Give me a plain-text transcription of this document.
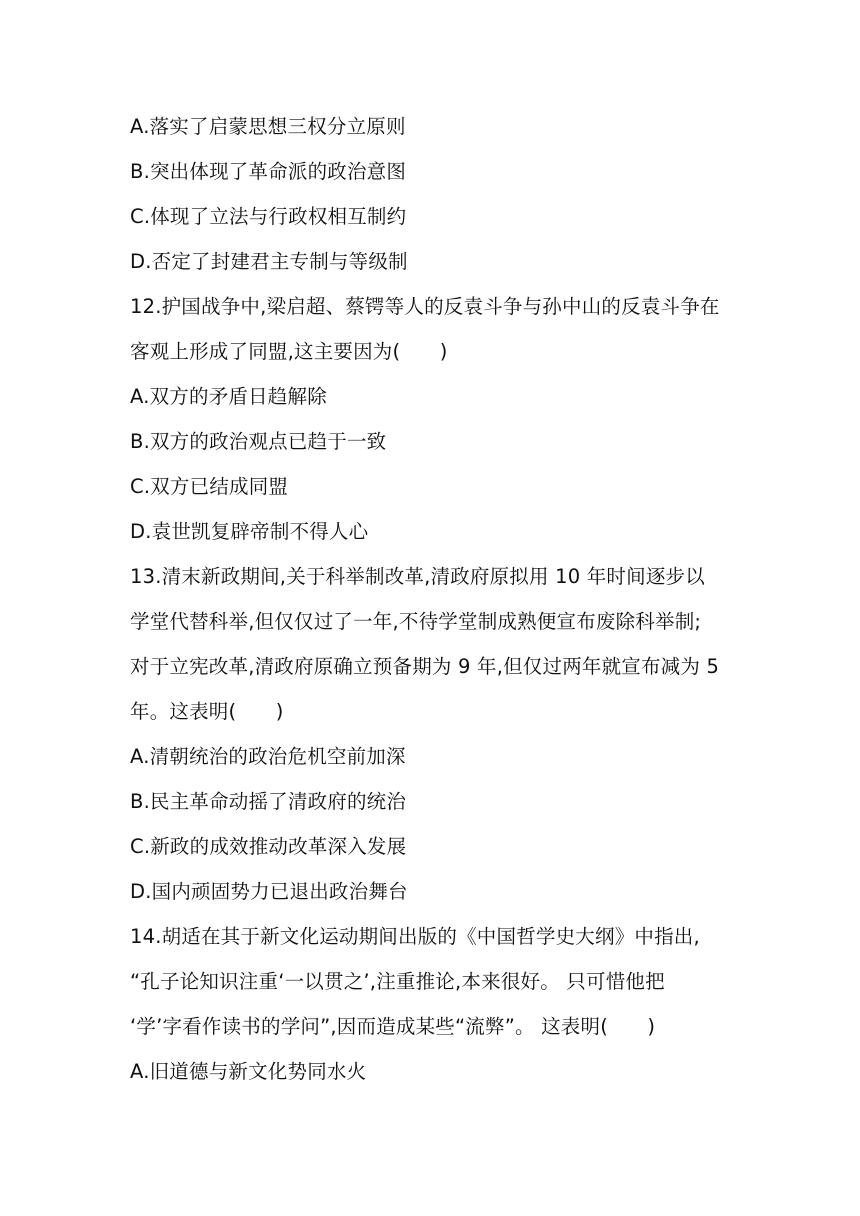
A.落实了启蒙思想三权分立原则
B.突出体现了革命派的政治意图
C.体现了立法与行政权相互制约
D.否定了封建君主专制与等级制
12.护国战争中,梁启超、蔡锷等人的反袁斗争与孙中山的反袁斗争在
客观上形成了同盟,这主要因为(　　)
A.双方的矛盾日趋解除
B.双方的政治观点已趋于一致
C.双方已结成同盟
D.袁世凯复辟帝制不得人心
13.清末新政期间,关于科举制改革,清政府原拟用 10 年时间逐步以
学堂代替科举,但仅仅过了一年,不待学堂制成熟便宣布废除科举制;
对于立宪改革,清政府原确立预备期为 9 年,但仅过两年就宣布减为 5
年。这表明(　　)
A.清朝统治的政治危机空前加深
B.民主革命动摇了清政府的统治
C.新政的成效推动改革深入发展
D.国内顽固势力已退出政治舞台
14.胡适在其于新文化运动期间出版的《中国哲学史大纲》中指出,
“孔子论知识注重‘一以贯之’,注重推论,本来很好。 只可惜他把
‘学’字看作读书的学问”,因而造成某些“流弊”。 这表明(　　)
A.旧道德与新文化势同水火
